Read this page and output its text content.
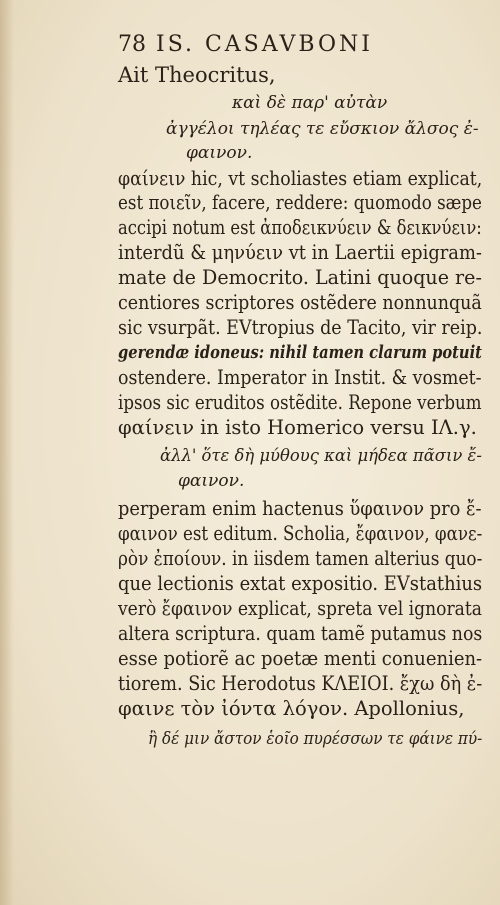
78 IS. CASAVBONI
Ait Theocritus,
καὶ δὲ παρ' αὐτὰν
ἀγγέλοι τηλέας τε εὔσκιον ἄλσος ἐ-
φαινον.
φαίνειν hic, vt scholiastes etiam explicat,
est ποιεῖν, facere, reddere: quomodo sæpe
accipi notum est ἀποδεικνύειν & δεικνύειν:
interdũ & μηνύειν vt in Laertii epigram-
mate de Democrito. Latini quoque re-
centiores scriptores ostẽdere nonnunquã
sic vsurpãt. EVtropius de Tacito, vir reip.
gerendæ idoneus: nihil tamen clarum potuit
ostendere. Imperator in Instit. & vosmet-
ipsos sic eruditos ostẽdite. Repone verbum
φαίνειν in isto Homerico versu ΙΛ.γ.
ἀλλ' ὅτε δὴ μύθους καὶ μήδεα πᾶσιν ἔ-
φαινον.
perperam enim hactenus ὕφαινον pro ἔ-
φαινον est editum. Scholia, ἔφαινον, φανε-
ρὸν ἐποίουν. in iisdem tamen alterius quo-
que lectionis extat expositio. EVstathius
verò ἔφαινον explicat, spreta vel ignorata
altera scriptura. quam tamẽ putamus nos
esse potiorẽ ac poetæ menti conuenien-
tiorem. Sic Herodotus ΚΛΕΙΟΙ. ἔχω δὴ ἐ-
φαινε τὸν ἰόντα λόγον. Apollonius,
ἢ δέ μιν ἄστον ἑοῖο πυρέσσων τε φάινε πύ-
